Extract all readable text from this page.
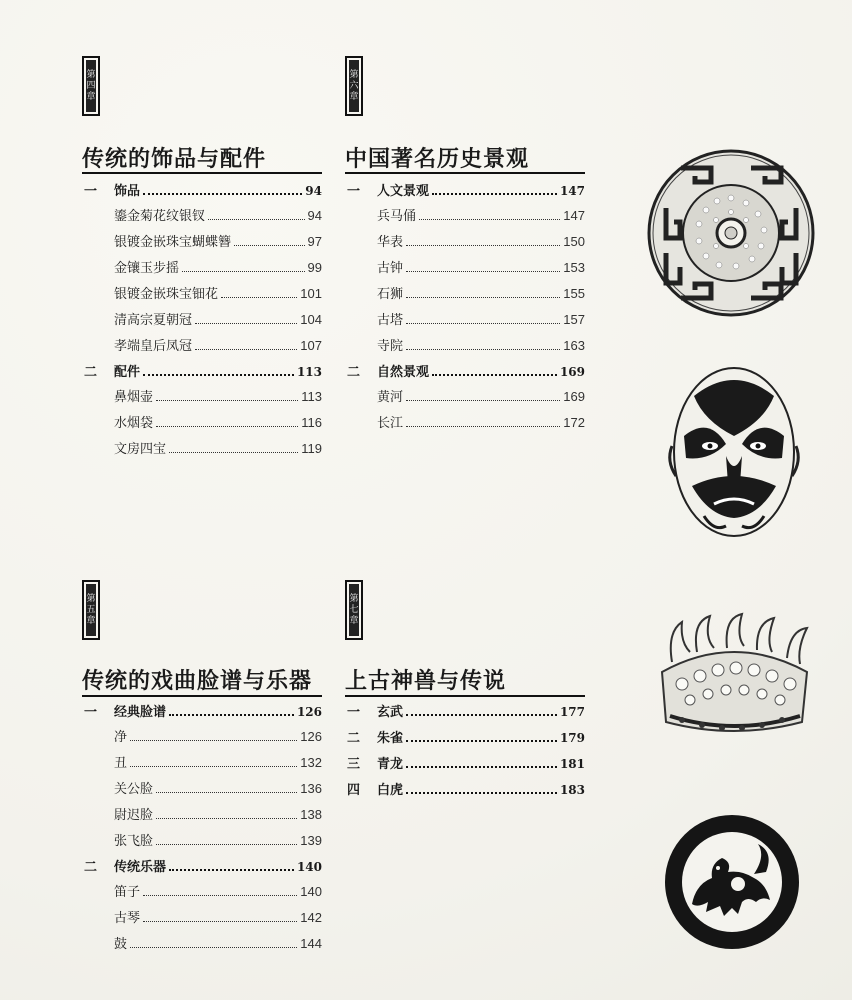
第
四
章
传统的饰品与配件
一	饰品	94
鎏金菊花纹银钗	94
银镀金嵌珠宝蝴蝶簪	97
金镶玉步摇	99
银镀金嵌珠宝钿花	101
清高宗夏朝冠	104
孝端皇后凤冠	107
二	配件	113
鼻烟壶	113
水烟袋	116
文房四宝	119
第
六
章
中国著名历史景观
一	人文景观	147
兵马俑	147
华表	150
古钟	153
石狮	155
古塔	157
寺院	163
二	自然景观	169
黄河	169
长江	172
第
五
章
传统的戏曲脸谱与乐器
一	经典脸谱	126
净	126
丑	132
关公脸	136
尉迟脸	138
张飞脸	139
二	传统乐器	140
笛子	140
古琴	142
鼓	144
第
七
章
上古神兽与传说
一	玄武	177
二	朱雀	179
三	青龙	181
四	白虎	183
